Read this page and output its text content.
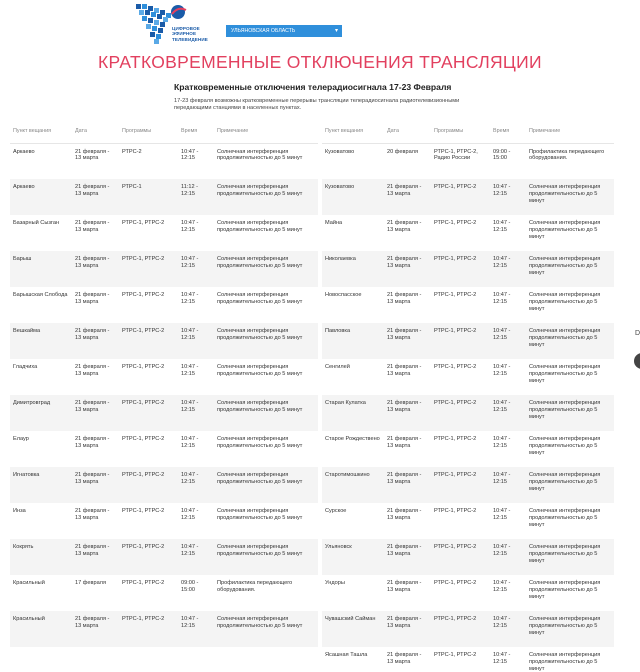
ЦИФРОВОЕ
ЭФИРНОЕ
ТЕЛЕВИДЕНИЕ
УЛЬЯНОВСКАЯ ОБЛАСТЬ	▾
КРАТКОВРЕМЕННЫЕ ОТКЛЮЧЕНИЯ ТРАНСЛЯЦИИ
Кратковременные отключения телерадиосигнала 17-23 Февраля
17-23 февраля возможны кратковременные перерывы трансляции телерадиосигнала радиотелевизионными передающими станциями в населенных пунктах.
Пункт вещания	Дата	Программы	Время	Примечание
Аркаево	21 февраля - 13 марта	РТРС-2	10:47 - 12:15	Солнечная интерференция продолжительностью до 5 минут
Аркаево	21 февраля - 13 марта	РТРС-1	11:12 - 12:15	Солнечная интерференция продолжительностью до 5 минут
Базарный Сызган	21 февраля - 13 марта	РТРС-1, РТРС-2	10:47 - 12:15	Солнечная интерференция продолжительностью до 5 минут
Барыш	21 февраля - 13 марта	РТРС-1, РТРС-2	10:47 - 12:15	Солнечная интерференция продолжительностью до 5 минут
Барышская Слобода	21 февраля - 13 марта	РТРС-1, РТРС-2	10:47 - 12:15	Солнечная интерференция продолжительностью до 5 минут
Вешкайма	21 февраля - 13 марта	РТРС-1, РТРС-2	10:47 - 12:15	Солнечная интерференция продолжительностью до 5 минут
Гладчиха	21 февраля - 13 марта	РТРС-1, РТРС-2	10:47 - 12:15	Солнечная интерференция продолжительностью до 5 минут
Димитровград	21 февраля - 13 марта	РТРС-1, РТРС-2	10:47 - 12:15	Солнечная интерференция продолжительностью до 5 минут
Елаур	21 февраля - 13 марта	РТРС-1, РТРС-2	10:47 - 12:15	Солнечная интерференция продолжительностью до 5 минут
Игнатовка	21 февраля - 13 марта	РТРС-1, РТРС-2	10:47 - 12:15	Солнечная интерференция продолжительностью до 5 минут
Инза	21 февраля - 13 марта	РТРС-1, РТРС-2	10:47 - 12:15	Солнечная интерференция продолжительностью до 5 минут
Кокрять	21 февраля - 13 марта	РТРС-1, РТРС-2	10:47 - 12:15	Солнечная интерференция продолжительностью до 5 минут
Красильный	17 февраля	РТРС-1, РТРС-2	09:00 - 15:00	Профилактика передающего оборудования.
Красильный	21 февраля - 13 марта	РТРС-1, РТРС-2	10:47 - 12:15	Солнечная интерференция продолжительностью до 5 минут
Пункт вещания	Дата	Программы	Время	Примечание
Кузоватово	20 февраля	РТРС-1, РТРС-2, Радио России	09:00 - 15:00	Профилактика передающего оборудования.
Кузоватово	21 февраля - 13 марта	РТРС-1, РТРС-2	10:47 - 12:15	Солнечная интерференция продолжительностью до 5 минут
Майна	21 февраля - 13 марта	РТРС-1, РТРС-2	10:47 - 12:15	Солнечная интерференция продолжительностью до 5 минут
Николаевка	21 февраля - 13 марта	РТРС-1, РТРС-2	10:47 - 12:15	Солнечная интерференция продолжительностью до 5 минут
Новоспасское	21 февраля - 13 марта	РТРС-1, РТРС-2	10:47 - 12:15	Солнечная интерференция продолжительностью до 5 минут
Павловка	21 февраля - 13 марта	РТРС-1, РТРС-2	10:47 - 12:15	Солнечная интерференция продолжительностью до 5 минут
Сенгилей	21 февраля - 13 марта	РТРС-1, РТРС-2	10:47 - 12:15	Солнечная интерференция продолжительностью до 5 минут
Старая Кулатка	21 февраля - 13 марта	РТРС-1, РТРС-2	10:47 - 12:15	Солнечная интерференция продолжительностью до 5 минут
Старое Рождествено	21 февраля - 13 марта	РТРС-1, РТРС-2	10:47 - 12:15	Солнечная интерференция продолжительностью до 5 минут
Старотимошкино	21 февраля - 13 марта	РТРС-1, РТРС-2	10:47 - 12:15	Солнечная интерференция продолжительностью до 5 минут
Сурское	21 февраля - 13 марта	РТРС-1, РТРС-2	10:47 - 12:15	Солнечная интерференция продолжительностью до 5 минут
Ульяновск	21 февраля - 13 марта	РТРС-1, РТРС-2	10:47 - 12:15	Солнечная интерференция продолжительностью до 5 минут
Ундоры	21 февраля - 13 марта	РТРС-1, РТРС-2	10:47 - 12:15	Солнечная интерференция продолжительностью до 5 минут
Чувашский Сайман	21 февраля - 13 марта	РТРС-1, РТРС-2	10:47 - 12:15	Солнечная интерференция продолжительностью до 5 минут
Ясашная Ташла	21 февраля - 13 марта	РТРС-1, РТРС-2	10:47 - 12:15	Солнечная интерференция продолжительностью до 5 минут
D
